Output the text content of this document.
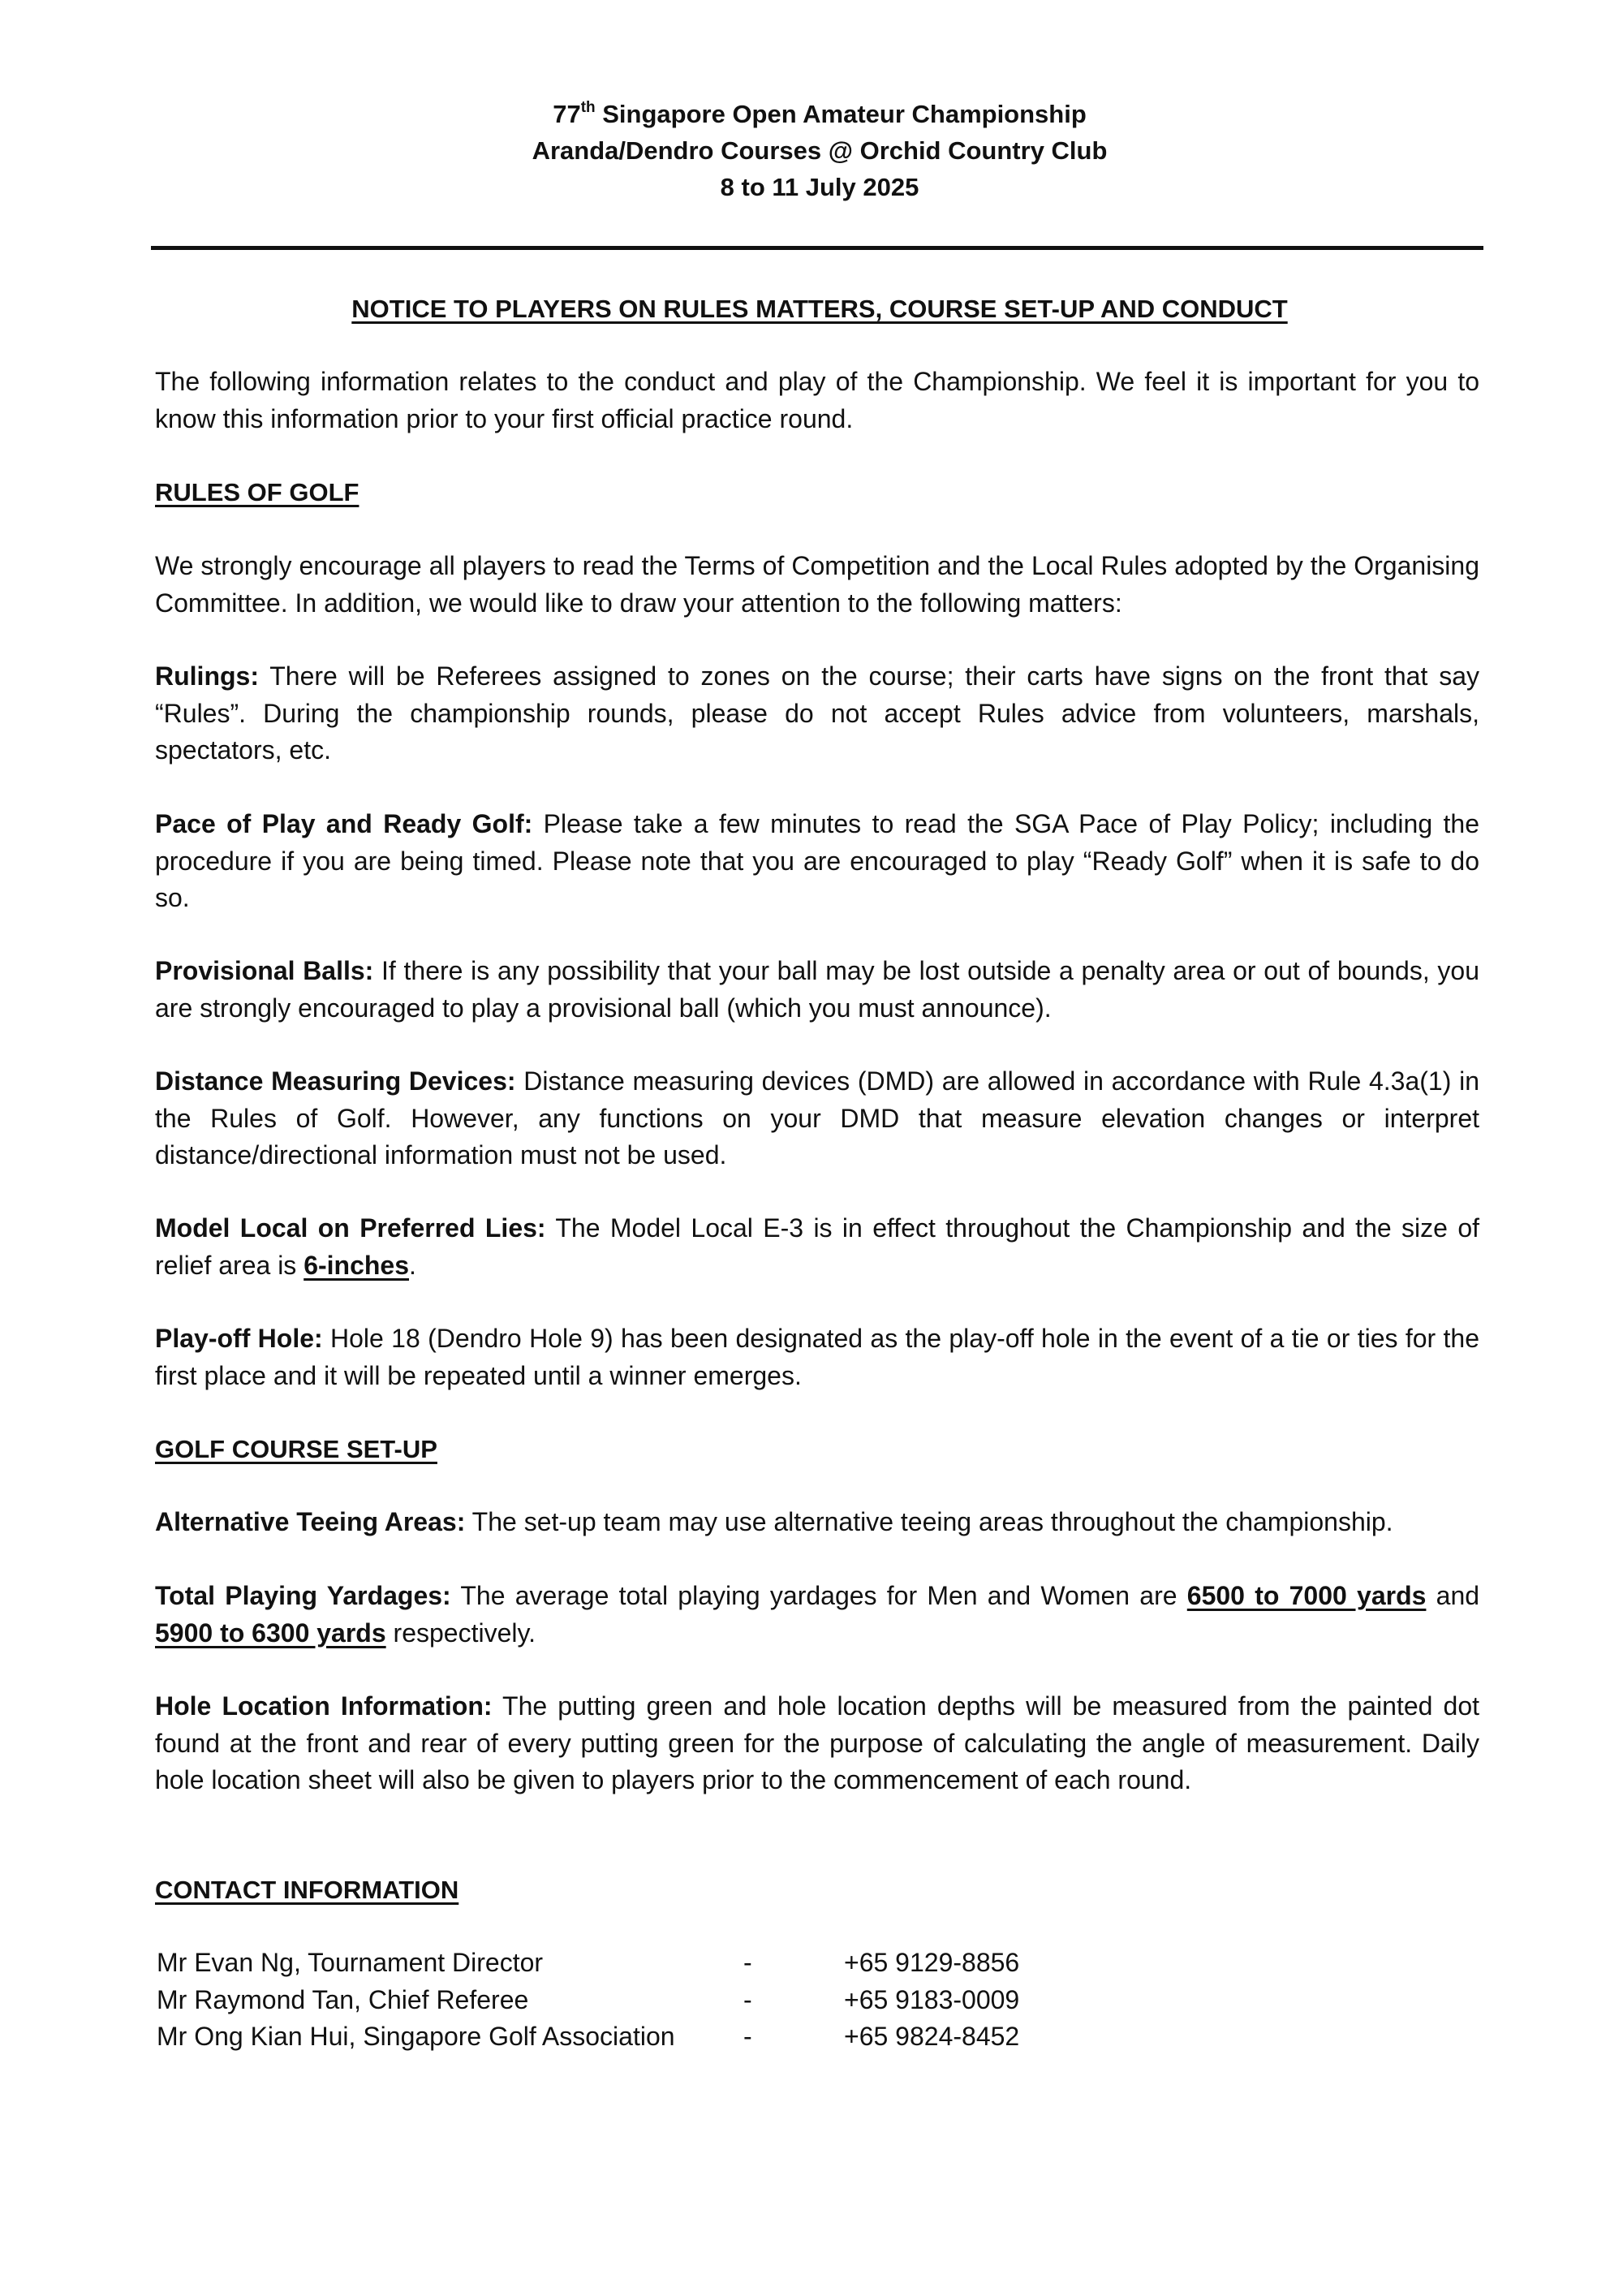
77th Singapore Open Amateur Championship
Aranda/Dendro Courses @ Orchid Country Club
8 to 11 July 2025
NOTICE TO PLAYERS ON RULES MATTERS, COURSE SET-UP AND CONDUCT
The following information relates to the conduct and play of the Championship. We feel it is important for you to know this information prior to your first official practice round.
RULES OF GOLF
We strongly encourage all players to read the Terms of Competition and the Local Rules adopted by the Organising Committee. In addition, we would like to draw your attention to the following matters:
Rulings: There will be Referees assigned to zones on the course; their carts have signs on the front that say “Rules”. During the championship rounds, please do not accept Rules advice from volunteers, marshals, spectators, etc.
Pace of Play and Ready Golf: Please take a few minutes to read the SGA Pace of Play Policy; including the procedure if you are being timed. Please note that you are encouraged to play “Ready Golf” when it is safe to do so.
Provisional Balls: If there is any possibility that your ball may be lost outside a penalty area or out of bounds, you are strongly encouraged to play a provisional ball (which you must announce).
Distance Measuring Devices: Distance measuring devices (DMD) are allowed in accordance with Rule 4.3a(1) in the Rules of Golf. However, any functions on your DMD that measure elevation changes or interpret distance/directional information must not be used.
Model Local on Preferred Lies: The Model Local E-3 is in effect throughout the Championship and the size of relief area is 6-inches.
Play-off Hole: Hole 18 (Dendro Hole 9) has been designated as the play-off hole in the event of a tie or ties for the first place and it will be repeated until a winner emerges.
GOLF COURSE SET-UP
Alternative Teeing Areas: The set-up team may use alternative teeing areas throughout the championship.
Total Playing Yardages: The average total playing yardages for Men and Women are 6500 to 7000 yards and 5900 to 6300 yards respectively.
Hole Location Information: The putting green and hole location depths will be measured from the painted dot found at the front and rear of every putting green for the purpose of calculating the angle of measurement. Daily hole location sheet will also be given to players prior to the commencement of each round.
CONTACT INFORMATION
Mr Evan Ng, Tournament Director	-	+65 9129-8856
Mr Raymond Tan, Chief Referee	-	+65 9183-0009
Mr Ong Kian Hui, Singapore Golf Association	-	+65 9824-8452
